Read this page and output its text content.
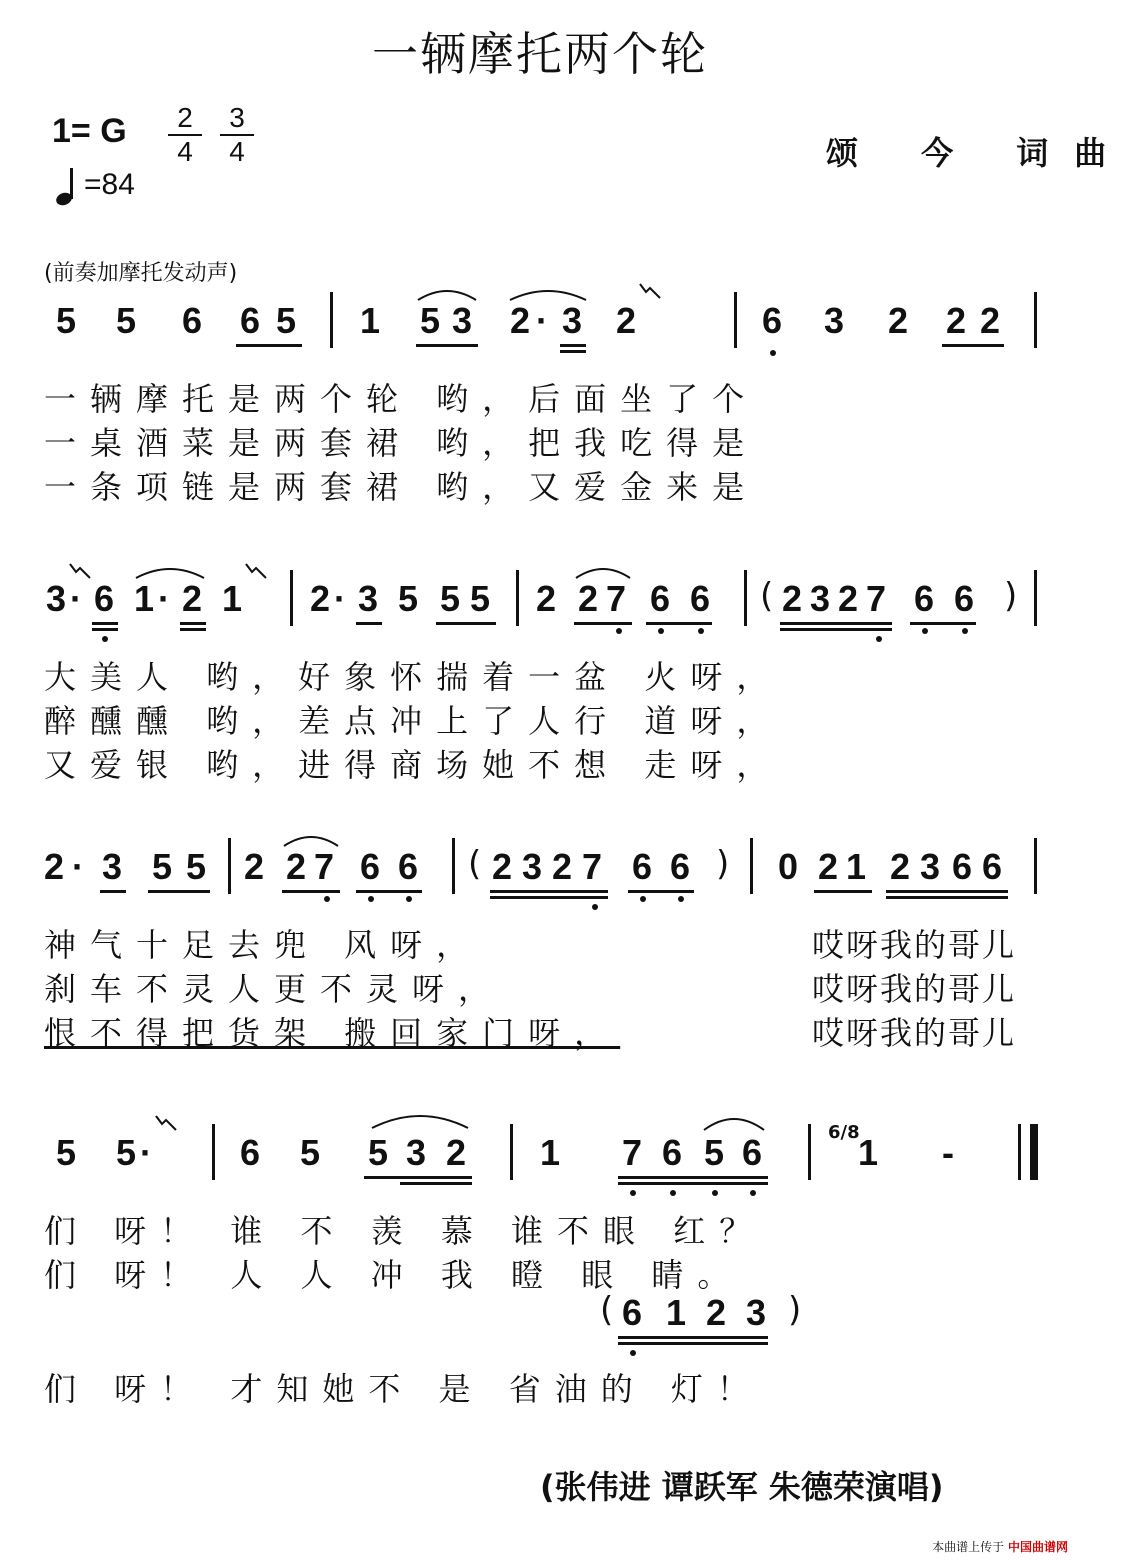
一辆摩托两个轮
1= G	2
4
3
4	颂 今 词曲
=84
(前奏加摩托发动声)
5 5 6 6 5 1 5 3 2 · 3 2	6 3 2 2 2
一辆摩托是两个轮 哟，后面坐了个
一桌酒菜是两套裙 哟，把我吃得是
一条项链是两套裙 哟，又爱金来是
3 · 6 1 · 2 1 2 · 3 5 5 5 2 2 7 6 6 ( 2 3 2 7 6 6 )
大美人 哟，好象怀揣着一盆 火呀，
醉醺醺 哟，差点冲上了人行 道呀，
又爱银 哟，进得商场她不想 走呀，
2 · 3 5 5 2 2 7 6 6 ( 2 3 2 7 6 6 ) 0 2 1 2 3 6 6
神气十足去兜 风呀，
刹车不灵人更不灵呀，
恨不得把货架 搬回家门呀，
哎呀我的哥儿
哎呀我的哥儿
哎呀我的哥儿
5 5 · 6 5 5 3 2 1 7 6 5 6	6/8
1 -
们 呀！ 谁 不 羡 慕 谁不眼 红？
们 呀！ 人 人 冲 我 瞪 眼 睛。
( 6 1 2 3 )
们 呀！ 才知她不 是 省油的 灯！
(张伟进 谭跃军 朱德荣演唱)
本曲谱上传于 中国曲谱网
